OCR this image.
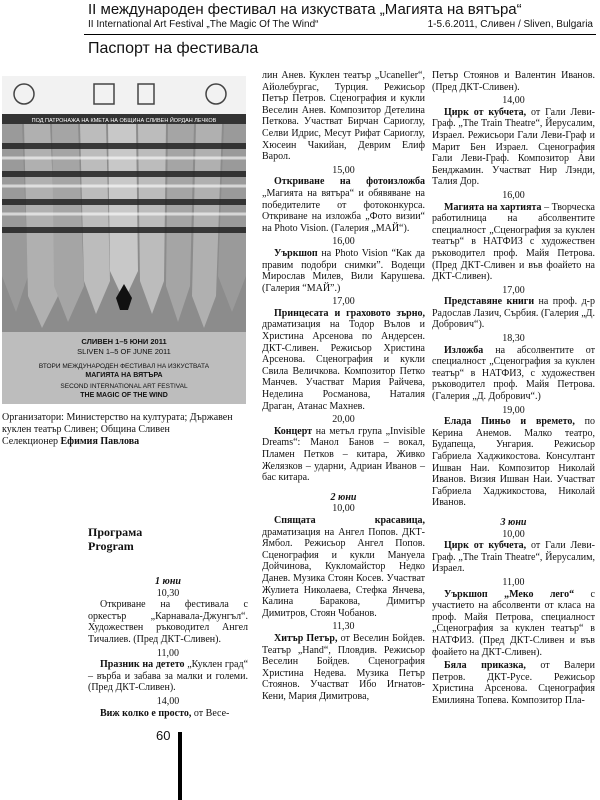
II международен фестивал на изкуствата „Магията на вятъра“
II International Art Festival „The Magic Of The Wind“	1-5.6.2011, Сливен / Sliven, Bulgaria
Паспорт на фестивала
ПОД ПАТРОНАЖА НА КМЕТА НА ОБЩИНА СЛИВЕН ЙОРДАН ЛЕЧКОВ
СЛИВЕН 1–5 ЮНИ 2011
SLIVEN 1–5 OF JUNE 2011
ВТОРИ МЕЖДУНАРОДЕН ФЕСТИВАЛ НА ИЗКУСТВАТА
МАГИЯТА НА ВЯТЪРА
SECOND INTERNATIONAL ART FESTIVAL
THE MAGIC OF THE WIND
Организатори: Министерство на културата; Държавен куклен театър Сливен; Община Сливен
Селекционер Ефимия Павлова
Програма
Program

1 юни

10,30

Откриване на фестивала с оркестър „Карнавала-Джунгъл“. Художествен ръководител Ангел Тичалиев. (Пред ДКТ-Сливен).

11,00

Празник на детето „Куклен град“ – върба и забава за малки и големи. (Пред ДКТ-Сливен).

14,00

Виж колко е просто, от Весе-

лин Анев. Куклен театър „Ucaneller“, Айолебургас, Турция. Режисьор Петър Петров. Сценография и кукли Веселин Анев. Композитор Детелина Петкова. Участват Бирчан Сариоглу, Селви Идрис, Месут Рифат Сариоглу, Хюсеин Чакийан, Деврим Елиф Варол.

15,00

Откриване на фотоизложба „Магията на вятъра“ и обявяване на победителите от фотоконкурса. Откриване на изложба „Фото визии“ на Photo Vision. (Галерия „МАЙ“).

16,00

Уъркшоп на Photo Vision “Как да правим подобри снимки”. Водещи Мирослав Милев, Вили Карушева. (Галерия “МАЙ”.)

17,00

Принцесата и граховото зърно, драматизация на Тодор Вълов и Христина Арсенова по Андерсен. ДКТ-Сливен. Режисьор Христина Арсенова. Сценография и кукли Свила Величкова. Композитор Петко Манчев. Участват Мария Райчева, Неделина Росманова, Наталия Драган, Атанас Махнев.

20,00

Концерт на метъл група „Invisible Dreams“: Манол Банов – вокал, Пламен Петков – китара, Живко Желязков – ударни, Адриан Иванов – бас китара.

2 юни

10,00

Спящата красавица, драматизация на Ангел Попов. ДКТ-Ямбол. Режисьор Ангел Попов. Сценография и кукли Мануела Дойчинова, Кукломайстор Недко Данев. Музика Стоян Косев. Участват Жулиета Николаева, Стефка Янчева, Калина Баракова, Димитър Димитров, Стоян Чобанов.

11,30

Хитър Петър, от Веселин Бойдев. Театър „Hand“, Пловдив. Режисьор Веселин Бойдев. Сценография Христина Недева. Музика Петър Стоянов. Участват Ибо Игнатов-Кени, Мария Димитрова,

Петър Стоянов и Валентин Иванов. (Пред ДКТ-Сливен).

14,00

Цирк от кубчета, от Гали Леви-Граф. „The Train Theatre“, Йерусалим, Израел. Режисьори Гали Леви-Граф и Марит Бен Израел. Сценография Гали Леви-Граф. Композитор Ави Бенджамин. Участват Нир Лэнди, Талия Дор.

16,00

Магията на хартията – Творческа работилница на абсолвентите специалност „Сценография за куклен театър“ в НАТФИЗ с художествен ръководител проф. Майя Петрова. (Пред ДКТ-Сливен и във фоайето на ДКТ-Сливен).

17,00

Представяне книги на проф. д-р Радослав Лазич, Сърбия. (Галерия „Д. Добрович“).

18,30

Изложба на абсолвентите от специалност „Сценография за куклен театър“ в НАТФИЗ, с художествен ръководител проф. Майя Петрова. (Галерия „Д. Добрович“.)

19,00

Елада Пиньо и времето, по Керина Анемов. Малко театро, Будапеща, Унгария. Режисьор Габриела Хаджикостова. Консултант Ишван Наи. Композитор Николай Иванов. Визия Ишван Наи. Участват Габриела Хаджикостова, Николай Иванов.

3 юни

10,00

Цирк от кубчета, от Гали Леви-Граф. „The Train Theatre“, Йерусалим, Израел.

11,00

Уъркшоп „Меко лего“ с участието на абсолвенти от класа на проф. Майя Петрова, специалност „Сценография за куклен театър“ в НАТФИЗ. (Пред ДКТ-Сливен и във фоайето на ДКТ-Сливен).

Бяла приказка, от Валери Петров. ДКТ-Русе. Режисьор Христина Арсенова. Сценография Емилияна Топева. Композитор Пла-

60
